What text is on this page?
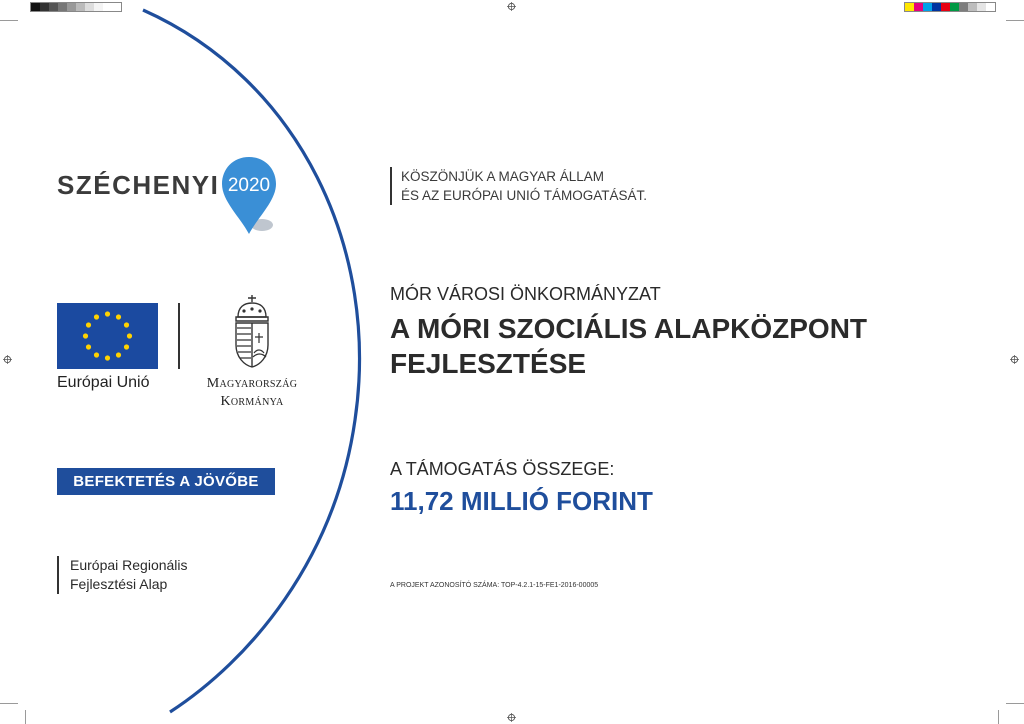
SZÉCHENYI 2020	KÖSZÖNJÜK A MAGYAR ÁLLAM
ÉS AZ EURÓPAI UNIÓ TÁMOGATÁSÁT.
Európai Unió	Magyarország
Kormánya
BEFEKTETÉS A JÖVŐBE
Európai Regionális
Fejlesztési Alap
MÓR VÁROSI ÖNKORMÁNYZAT
A MÓRI SZOCIÁLIS ALAPKÖZPONT
FEJLESZTÉSE
A TÁMOGATÁS ÖSSZEGE:
11,72 MILLIÓ FORINT
A PROJEKT AZONOSÍTÓ SZÁMA: TOP-4.2.1-15-FE1-2016-00005
